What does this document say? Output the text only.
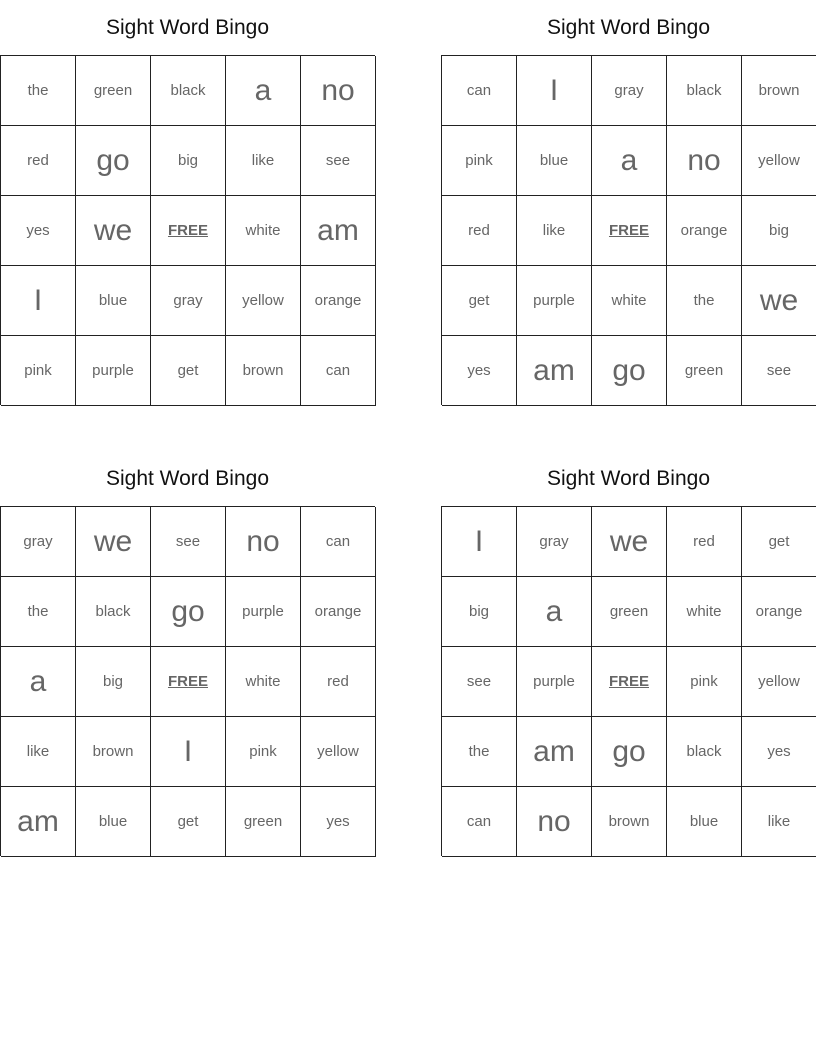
Sight Word Bingo
the	green	black	a	no
red	go	big	like	see
yes	we	FREE	white	am
I	blue	gray	yellow	orange
pink	purple	get	brown	can
Sight Word Bingo
can	I	gray	black	brown
pink	blue	a	no	yellow
red	like	FREE	orange	big
get	purple	white	the	we
yes	am	go	green	see
Sight Word Bingo
gray	we	see	no	can
the	black	go	purple	orange
a	big	FREE	white	red
like	brown	I	pink	yellow
am	blue	get	green	yes
Sight Word Bingo
I	gray	we	red	get
big	a	green	white	orange
see	purple	FREE	pink	yellow
the	am	go	black	yes
can	no	brown	blue	like
